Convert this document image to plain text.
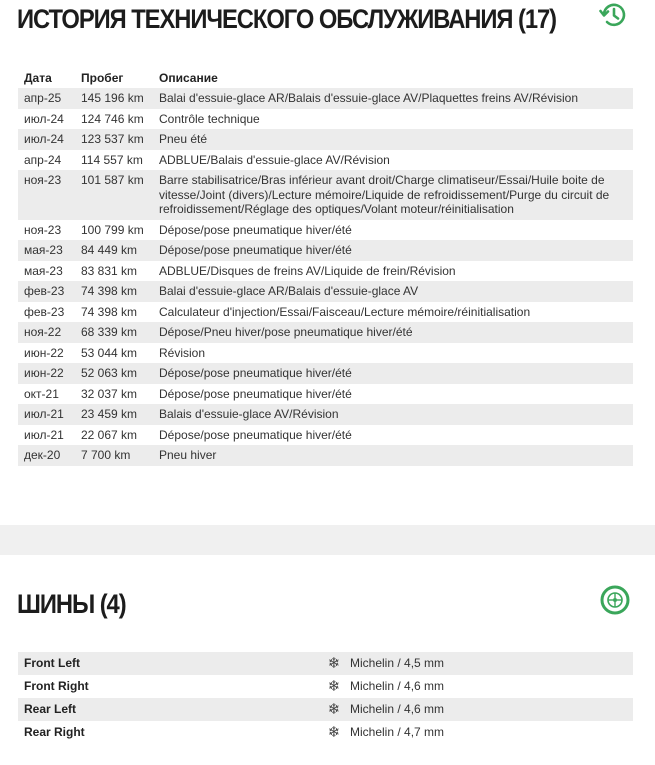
ИСТОРИЯ ТЕХНИЧЕСКОГО ОБСЛУЖИВАНИЯ (17)
Дата	Пробег	Описание
апр-25	145 196 km	Balai d'essuie-glace AR/Balais d'essuie-glace AV/Plaquettes freins AV/Révision
июл-24	124 746 km	Contrôle technique
июл-24	123 537 km	Pneu été
апр-24	114 557 km	ADBLUE/Balais d'essuie-glace AV/Révision
ноя-23	101 587 km	Barre stabilisatrice/Bras inférieur avant droit/Charge climatiseur/Essai/Huile boite de vitesse/Joint (divers)/Lecture mémoire/Liquide de refroidissement/Purge du circuit de refroidissement/Réglage des optiques/Volant moteur/réinitialisation
ноя-23	100 799 km	Dépose/pose pneumatique hiver/été
мая-23	84 449 km	Dépose/pose pneumatique hiver/été
мая-23	83 831 km	ADBLUE/Disques de freins AV/Liquide de frein/Révision
фев-23	74 398 km	Balai d'essuie-glace AR/Balais d'essuie-glace AV
фев-23	74 398 km	Calculateur d'injection/Essai/Faisceau/Lecture mémoire/réinitialisation
ноя-22	68 339 km	Dépose/Pneu hiver/pose pneumatique hiver/été
июн-22	53 044 km	Révision
июн-22	52 063 km	Dépose/pose pneumatique hiver/été
окт-21	32 037 km	Dépose/pose pneumatique hiver/été
июл-21	23 459 km	Balais d'essuie-glace AV/Révision
июл-21	22 067 km	Dépose/pose pneumatique hiver/été
дек-20	7 700 km	Pneu hiver
ШИНЫ (4)
Front Left	❄	Michelin / 4,5 mm
Front Right	❄	Michelin / 4,6 mm
Rear Left	❄	Michelin / 4,6 mm
Rear Right	❄	Michelin / 4,7 mm
